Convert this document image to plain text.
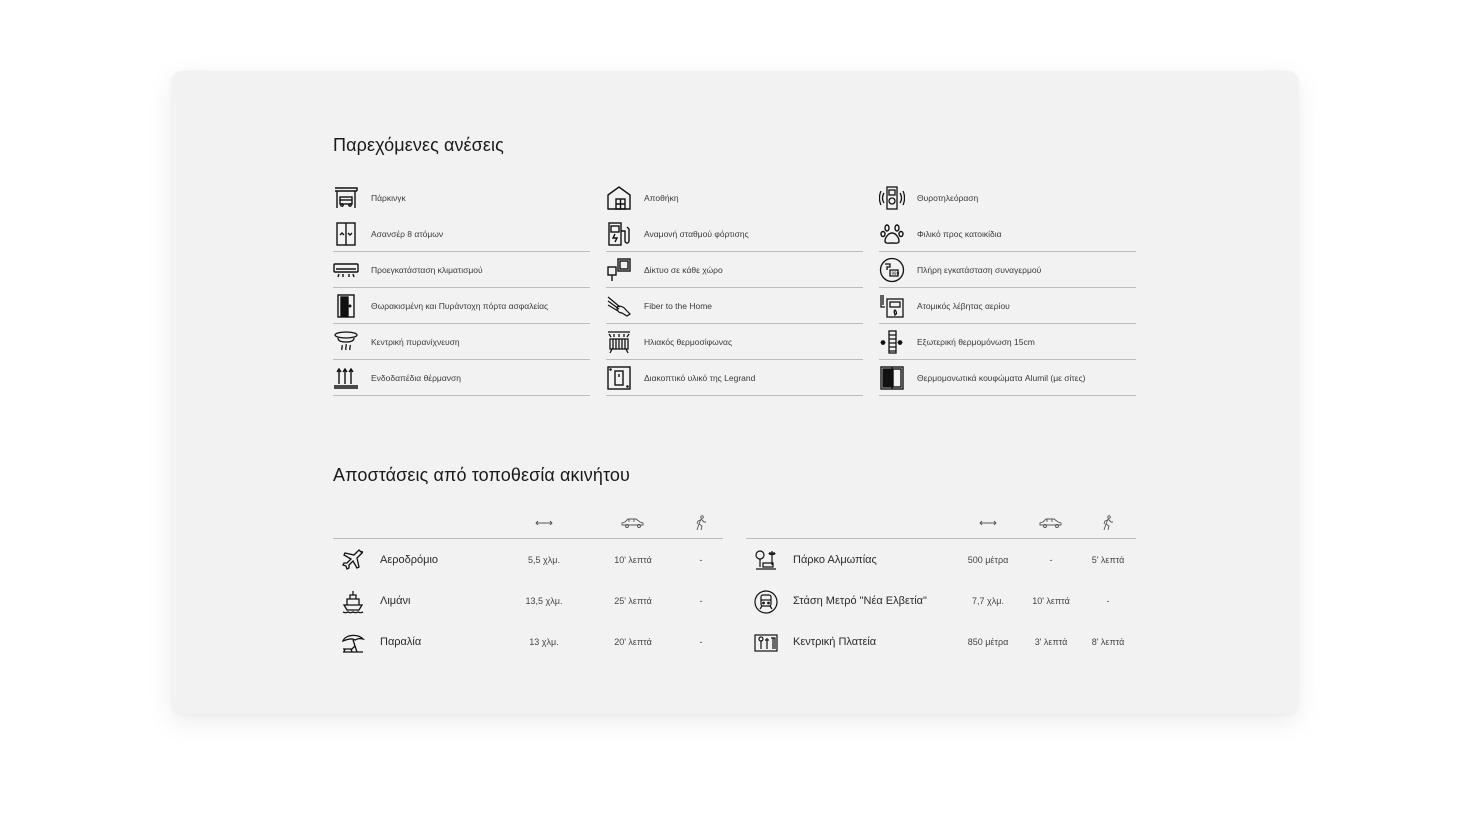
Παρεχόμενες ανέσεις
Πάρκινγκ
Ασανσέρ 8 ατόμων
Προεγκατάσταση κλιματισμού
Θωρακισμένη και Πυράντοχη πόρτα ασφαλείας
Κεντρική πυρανίχνευση
Ενδοδαπέδια θέρμανση
Αποθήκη
Αναμονή σταθμού φόρτισης
Δίκτυο σε κάθε χώρο
Fiber to the Home
Ηλιακός θερμοσίφωνας
Διακοπτικό υλικό της Legrand
Θυροτηλεόραση
Φιλικό προς κατοικίδια
999 Πλήρη εγκατάσταση συναγερμού
Ατομικός λέβητας αερίου
Εξωτερική θερμομόνωση 15cm
Θερμομονωτικά κουφώματα Alumil (με σίτες)
Αποστάσεις από τοποθεσία ακινήτου
Αεροδρόμιο	5,5 χλμ.	10' λεπτά	-
Λιμάνι	13,5 χλμ.	25' λεπτά	-
Παραλία	13 χλμ.	20' λεπτά	-
Πάρκο Αλμωπίας	500 μέτρα	-	5' λεπτά
Στάση Μετρό "Νέα Ελβετία"	7,7 χλμ.	10' λεπτά	-
Κεντρική Πλατεία	850 μέτρα	3' λεπτά	8' λεπτά
